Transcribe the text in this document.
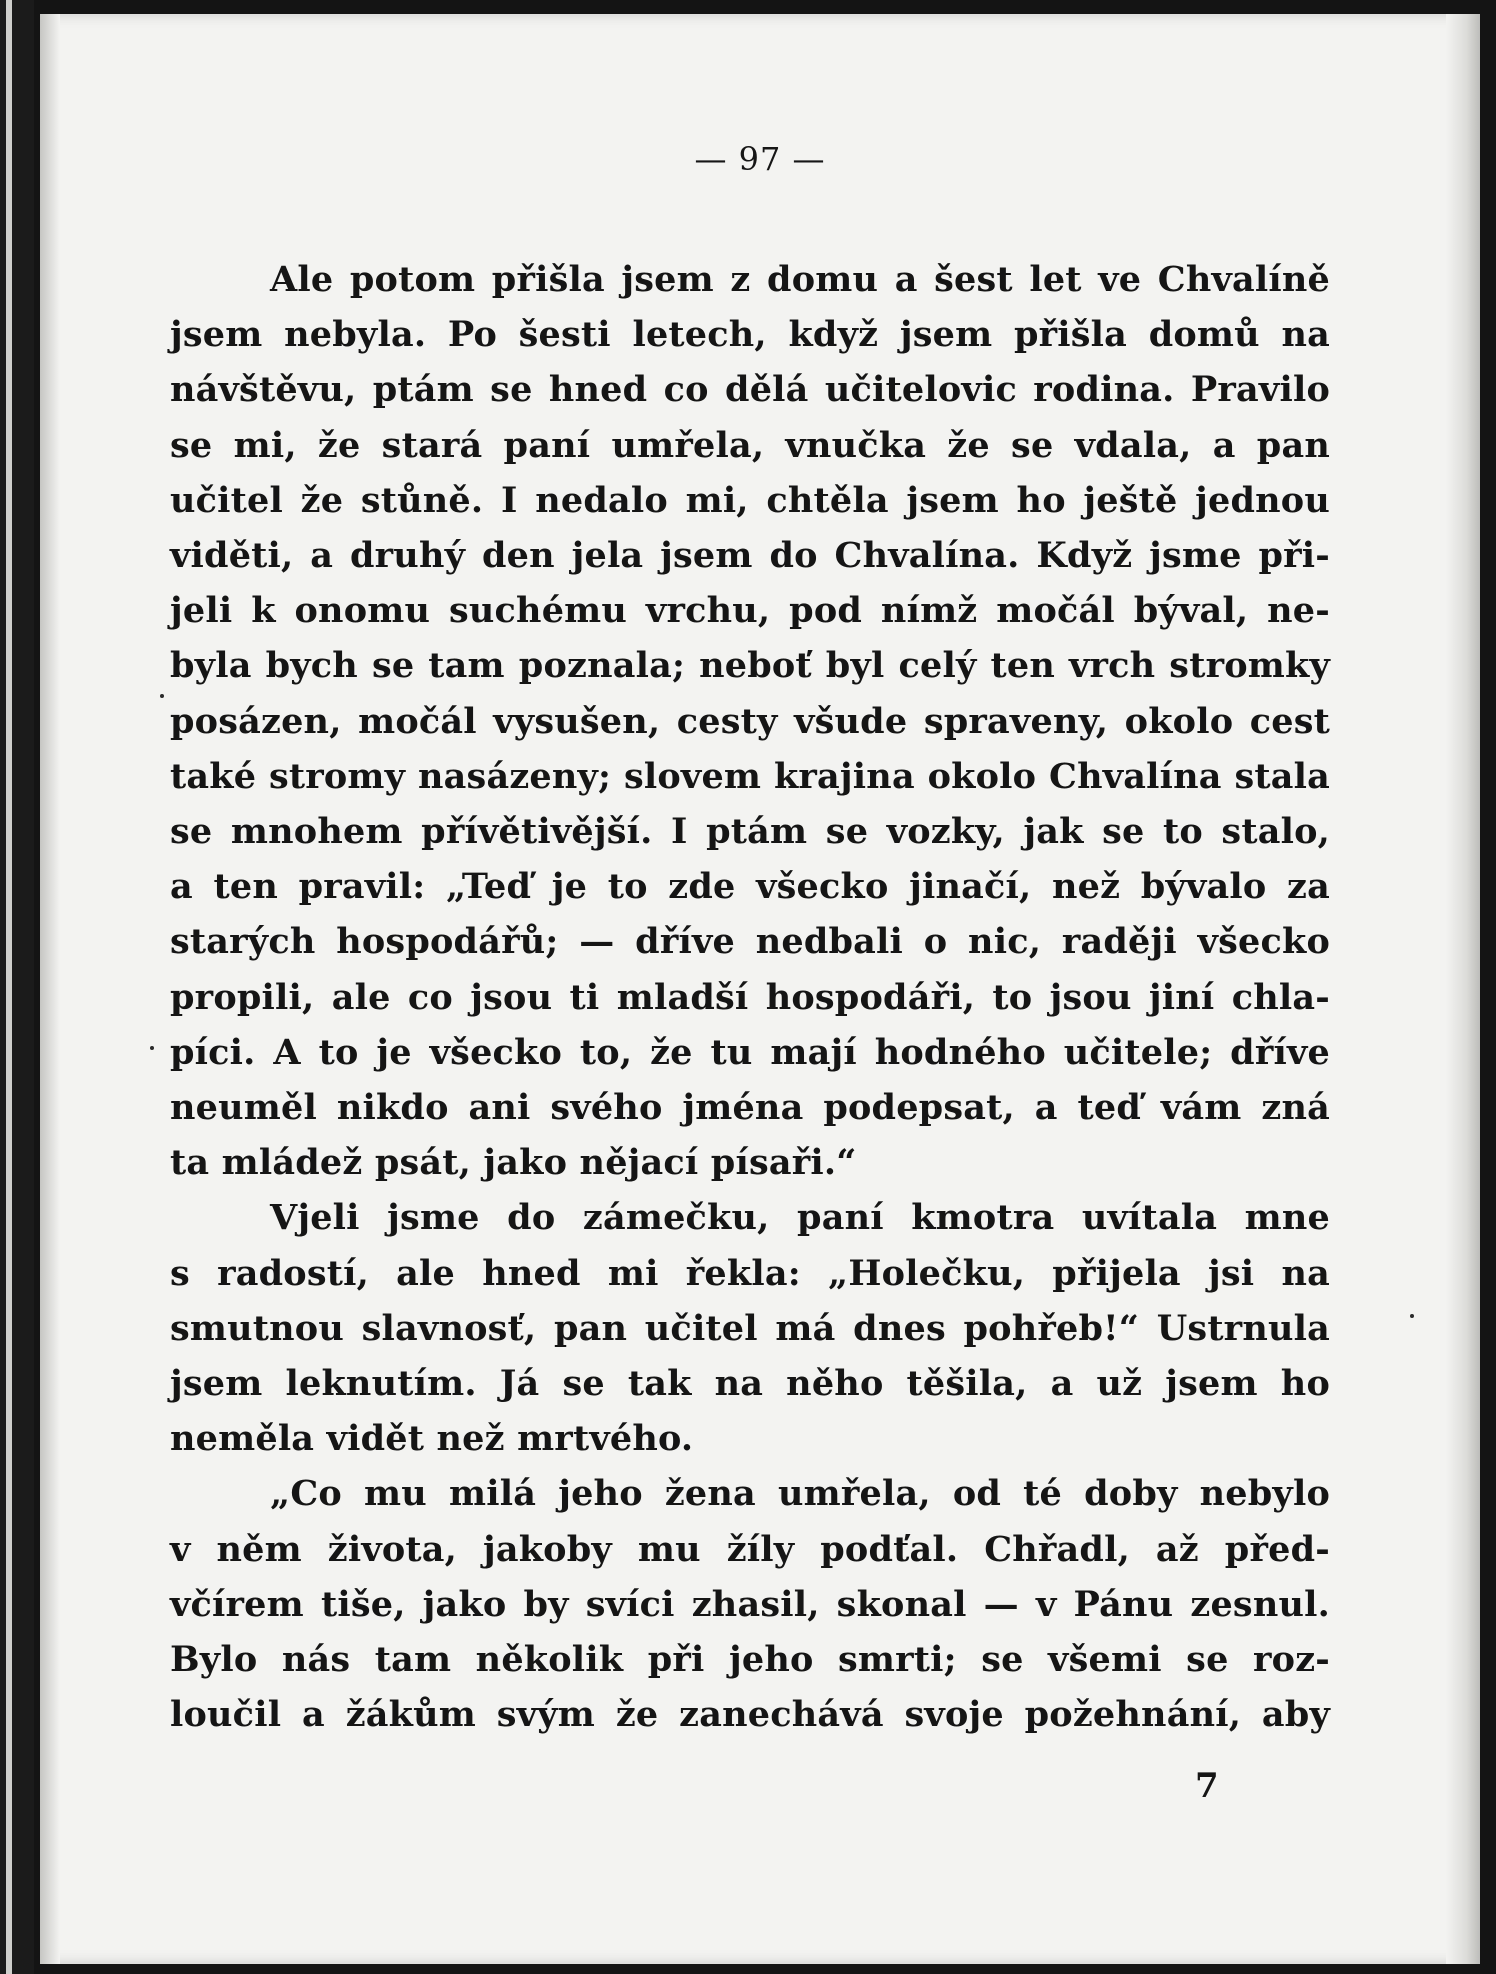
— 97 —
Ale potom přišla jsem z domu a šest let ve Chvalíně
jsem nebyla. Po šesti letech, když jsem přišla domů na
návštěvu, ptám se hned co dělá učitelovic rodina. Pravilo
se mi, že stará paní umřela, vnučka že se vdala, a pan
učitel že stůně. I nedalo mi, chtěla jsem ho ještě jednou
viděti, a druhý den jela jsem do Chvalína. Když jsme při-
jeli k onomu suchému vrchu, pod nímž močál býval, ne-
byla bych se tam poznala; neboť byl celý ten vrch stromky
posázen, močál vysušen, cesty všude spraveny, okolo cest
také stromy nasázeny; slovem krajina okolo Chvalína stala
se mnohem přívětivější. I ptám se vozky, jak se to stalo,
a ten pravil: „Teď je to zde všecko jinačí, než bývalo za
starých hospodářů; — dříve nedbali o nic, raději všecko
propili, ale co jsou ti mladší hospodáři, to jsou jiní chla-
píci. A to je všecko to, že tu mají hodného učitele; dříve
neuměl nikdo ani svého jména podepsat, a teď vám zná
ta mládež psát, jako nějací písaři.“
Vjeli jsme do zámečku, paní kmotra uvítala mne
s radostí, ale hned mi řekla: „Holečku, přijela jsi na
smutnou slavnosť, pan učitel má dnes pohřeb!“ Ustrnula
jsem leknutím. Já se tak na něho těšila, a už jsem ho
neměla vidět než mrtvého.
„Co mu milá jeho žena umřela, od té doby nebylo
v něm života, jakoby mu žíly podťal. Chřadl, až před-
včírem tiše, jako by svíci zhasil, skonal — v Pánu zesnul.
Bylo nás tam několik při jeho smrti; se všemi se roz-
loučil a žákům svým že zanechává svoje požehnání, aby
7
